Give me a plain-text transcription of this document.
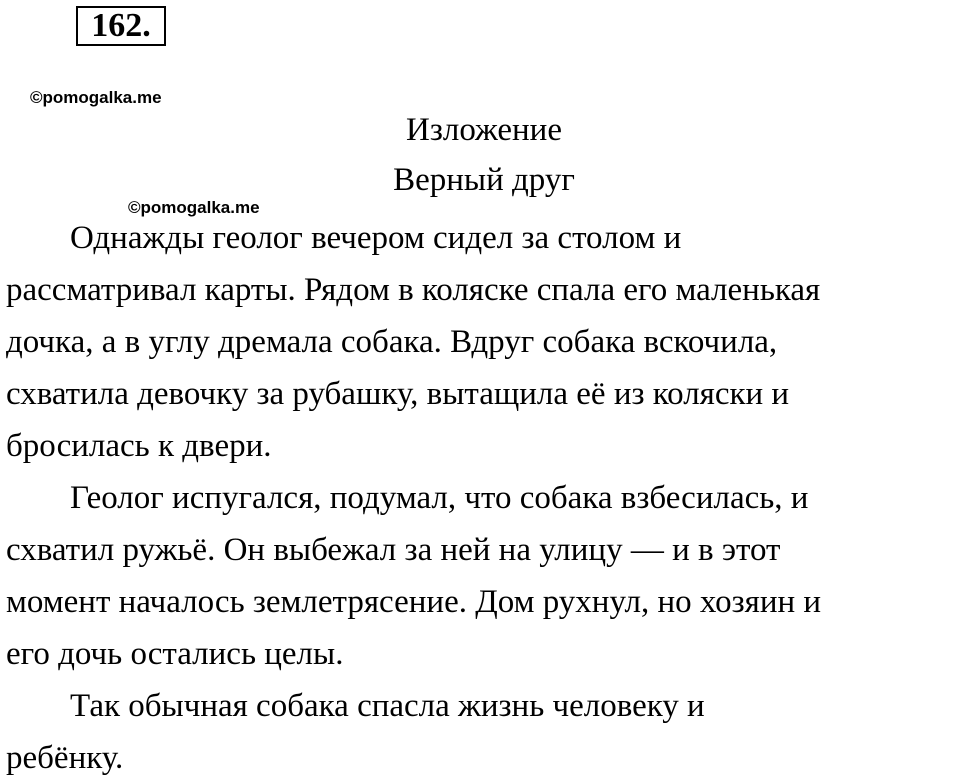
162.
©pomogalka.me
Изложение
Верный друг

Однажды геолог вечером сидел за столом и
рассматривал карты. Рядом в коляске спала его маленькая
дочка, а в углу дремала собака. Вдруг собака вскочила,
схватила девочку за рубашку, вытащила её из коляски и
бросилась к двери.

Геолог испугался, подумал, что собака взбесилась, и
схватил ружьё. Он выбежал за ней на улицу — и в этот
момент началось землетрясение. Дом рухнул, но хозяин и
его дочь остались целы.

Так обычная собака спасла жизнь человеку и
ребёнку.

©pomogalka.me
